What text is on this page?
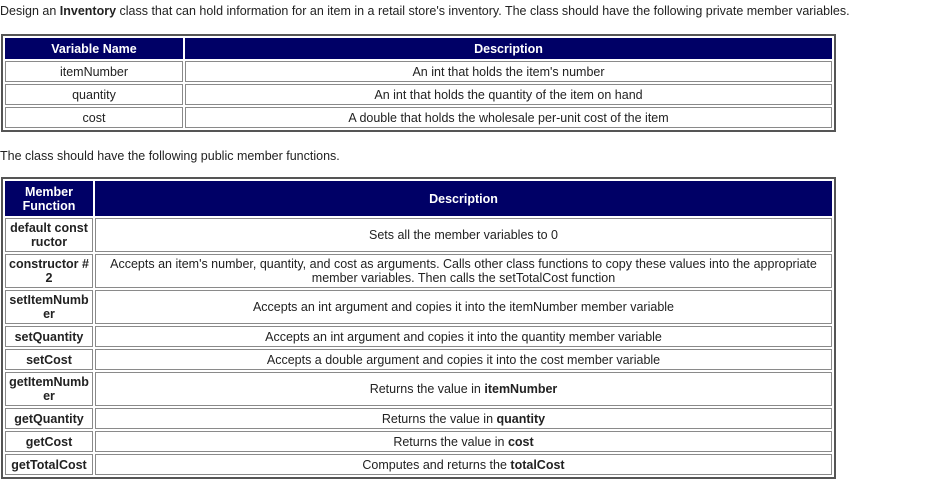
Design an Inventory class that can hold information for an item in a retail store's inventory. The class should have the following private member variables.
Variable Name	Description
itemNumber	An int that holds the item's number
quantity	An int that holds the quantity of the item on hand
cost	A double that holds the wholesale per-unit cost of the item
The class should have the following public member functions.
Member Function	Description
default constructor	Sets all the member variables to 0
constructor #2	Accepts an item's number, quantity, and cost as arguments. Calls other class functions to copy these values into the appropriate member variables. Then calls the setTotalCost function
setItemNumber	Accepts an int argument and copies it into the itemNumber member variable
setQuantity	Accepts an int argument and copies it into the quantity member variable
setCost	Accepts a double argument and copies it into the cost member variable
getItemNumber	Returns the value in itemNumber
getQuantity	Returns the value in quantity
getCost	Returns the value in cost
getTotalCost	Computes and returns the totalCost
